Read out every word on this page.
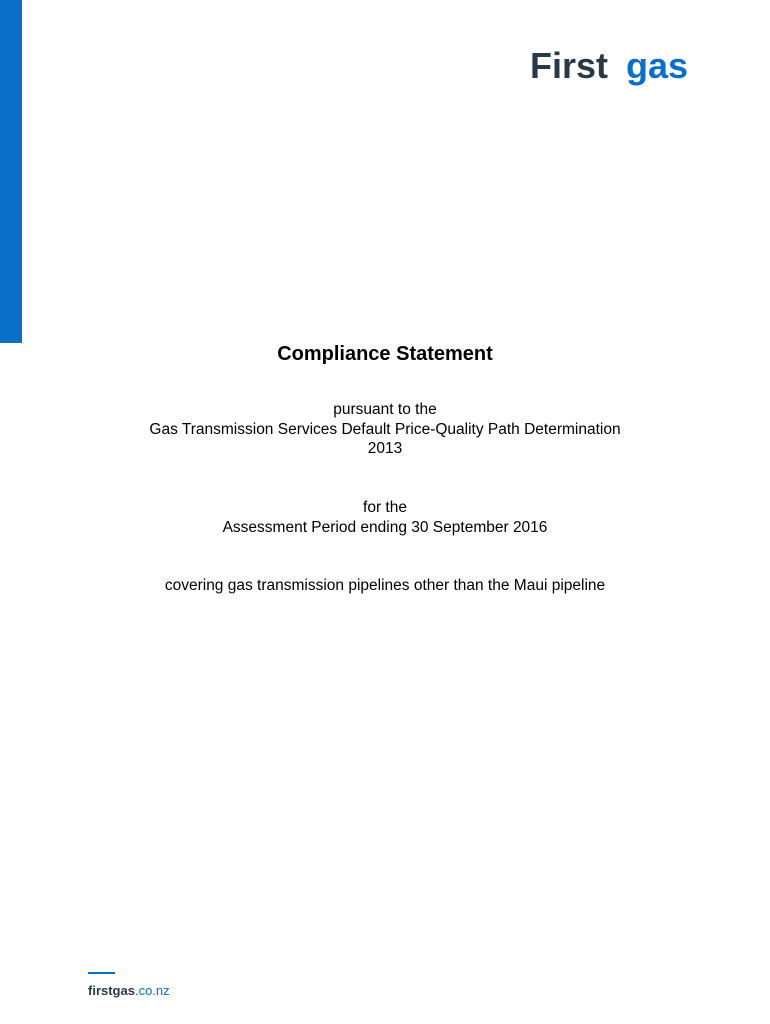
First gas
Compliance Statement
pursuant to the
Gas Transmission Services Default Price-Quality Path Determination
2013
for the
Assessment Period ending 30 September 2016
covering gas transmission pipelines other than the Maui pipeline
firstgas.co.nz
